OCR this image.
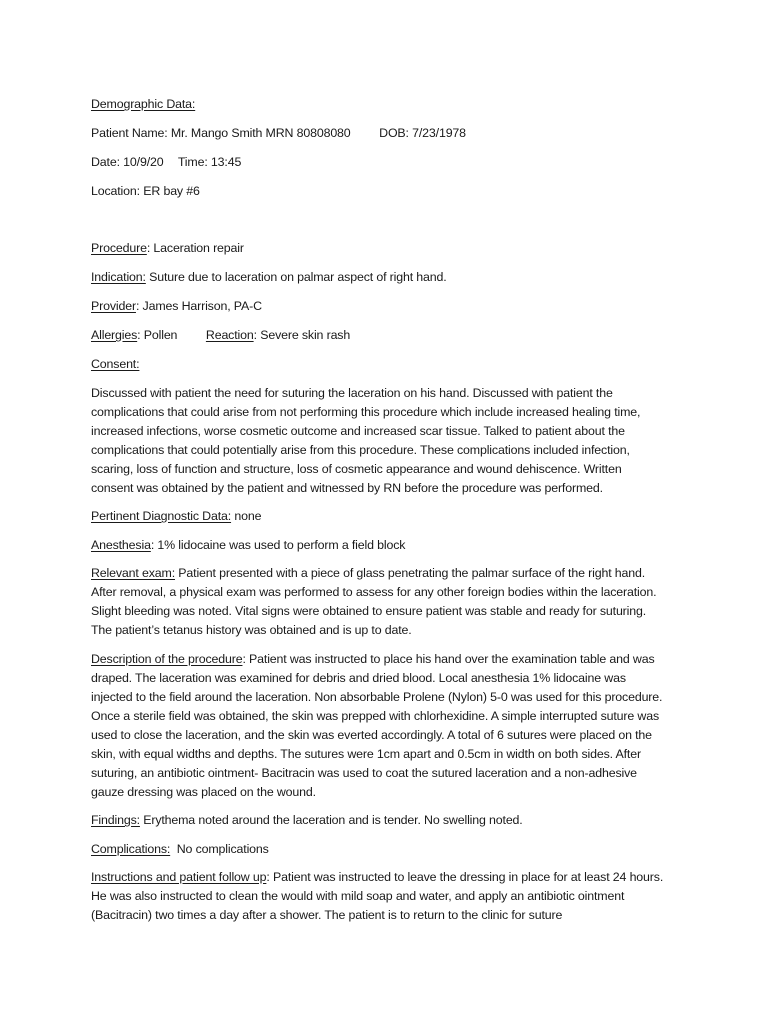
Demographic Data:
Patient Name: Mr. Mango Smith MRN 80808080 DOB: 7/23/1978
Date: 10/9/20 Time: 13:45
Location: ER bay #6
Procedure: Laceration repair
Indication: Suture due to laceration on palmar aspect of right hand.
Provider: James Harrison, PA-C
Allergies: Pollen Reaction: Severe skin rash
Consent:
Discussed with patient the need for suturing the laceration on his hand. Discussed with patient the complications that could arise from not performing this procedure which include increased healing time, increased infections, worse cosmetic outcome and increased scar tissue. Talked to patient about the complications that could potentially arise from this procedure. These complications included infection, scaring, loss of function and structure, loss of cosmetic appearance and wound dehiscence. Written consent was obtained by the patient and witnessed by RN before the procedure was performed.
Pertinent Diagnostic Data: none
Anesthesia: 1% lidocaine was used to perform a field block
Relevant exam: Patient presented with a piece of glass penetrating the palmar surface of the right hand. After removal, a physical exam was performed to assess for any other foreign bodies within the laceration. Slight bleeding was noted. Vital signs were obtained to ensure patient was stable and ready for suturing. The patient’s tetanus history was obtained and is up to date.
Description of the procedure: Patient was instructed to place his hand over the examination table and was draped. The laceration was examined for debris and dried blood. Local anesthesia 1% lidocaine was injected to the field around the laceration. Non absorbable Prolene (Nylon) 5-0 was used for this procedure. Once a sterile field was obtained, the skin was prepped with chlorhexidine. A simple interrupted suture was used to close the laceration, and the skin was everted accordingly. A total of 6 sutures were placed on the skin, with equal widths and depths. The sutures were 1cm apart and 0.5cm in width on both sides. After suturing, an antibiotic ointment- Bacitracin was used to coat the sutured laceration and a non-adhesive gauze dressing was placed on the wound.
Findings: Erythema noted around the laceration and is tender. No swelling noted.
Complications:  No complications
Instructions and patient follow up: Patient was instructed to leave the dressing in place for at least 24 hours. He was also instructed to clean the would with mild soap and water, and apply an antibiotic ointment (Bacitracin) two times a day after a shower. The patient is to return to the clinic for suture
